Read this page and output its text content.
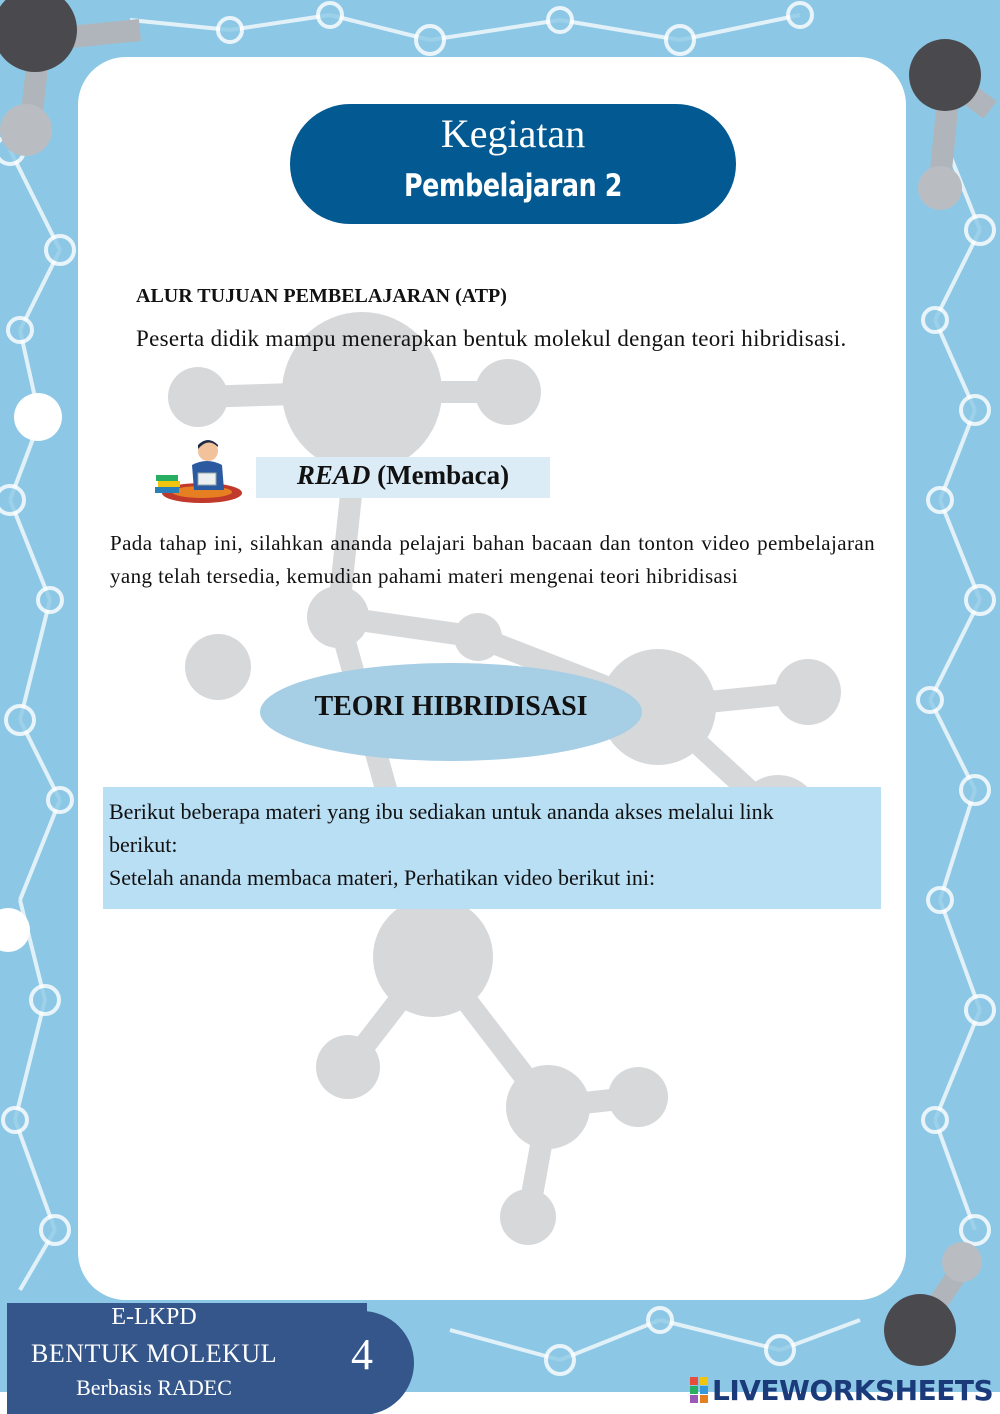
Kegiatan
Pembelajaran 2
ALUR TUJUAN PEMBELAJARAN (ATP)
Peserta didik mampu menerapkan bentuk molekul dengan teori hibridisasi.
READ (Membaca)
Pada tahap ini, silahkan ananda pelajari bahan bacaan dan tonton video pembelajaran yang telah tersedia, kemudian pahami materi mengenai teori hibridisasi
TEORI HIBRIDISASI
Berikut beberapa materi yang ibu sediakan untuk ananda akses melalui link
berikut:
Setelah ananda membaca materi, Perhatikan video berikut ini:
E-LKPD
BENTUK MOLEKUL
Berbasis RADEC
4
LIVEWORKSHEETS
